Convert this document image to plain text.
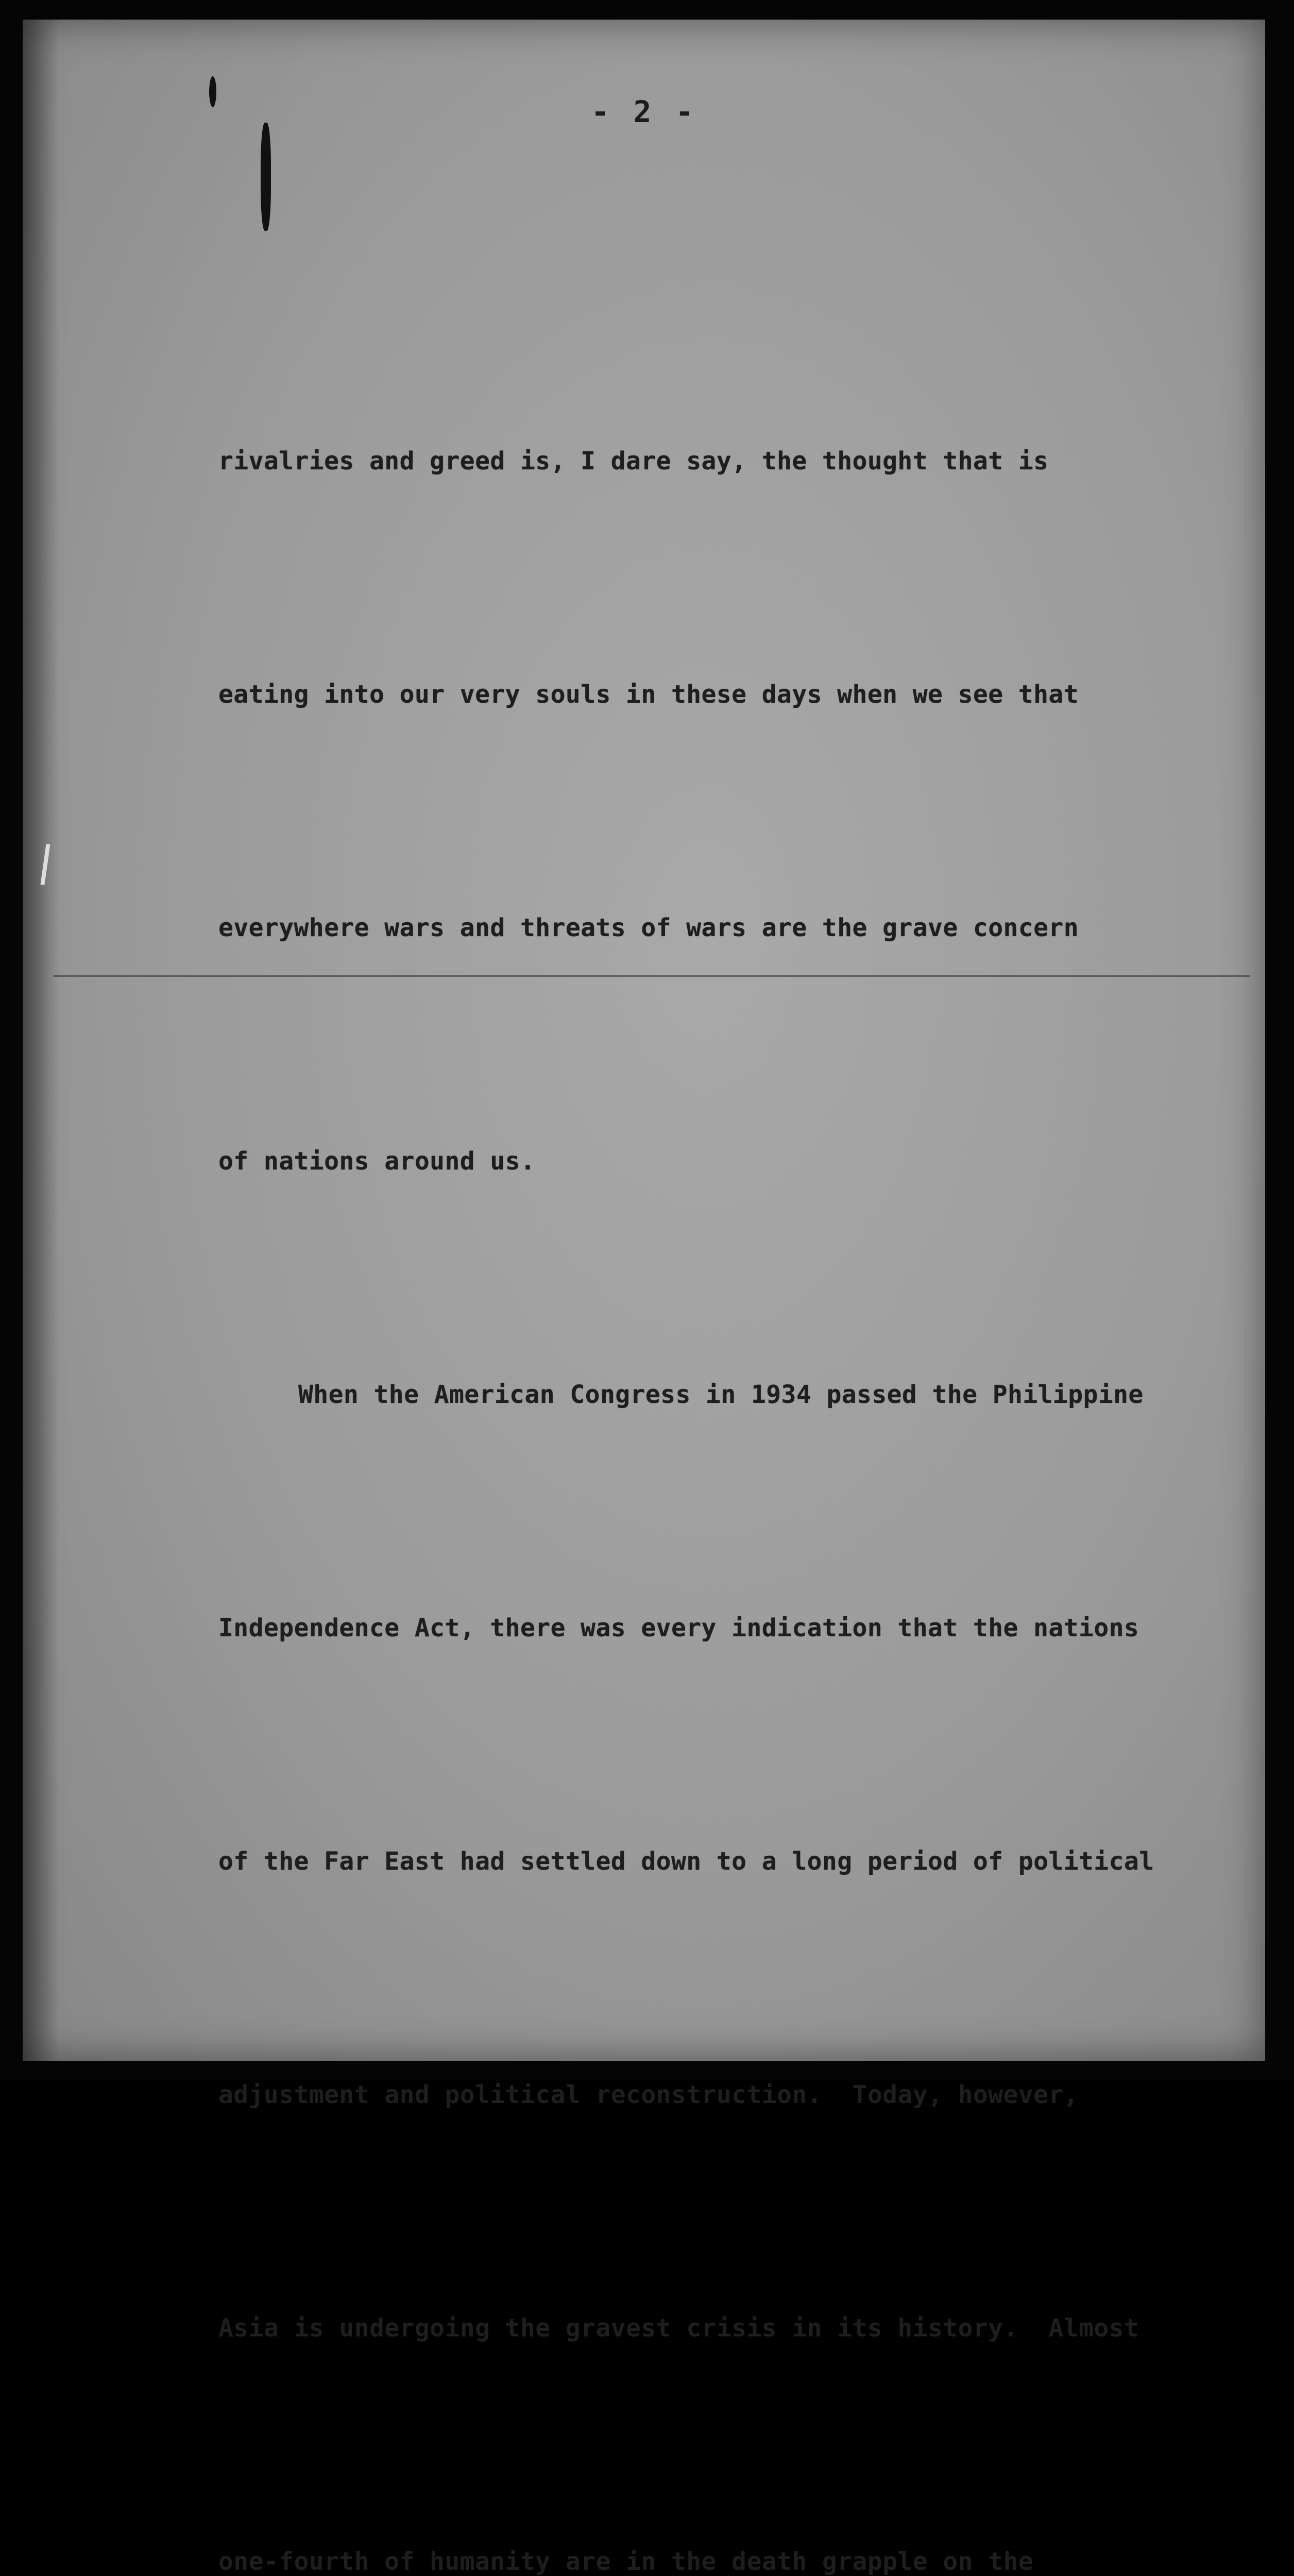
- 2 -

rivalries and greed is, I dare say, the thought that is

eating into our very souls in these days when we see that

everywhere wars and threats of wars are the grave concern

of nations around us.

When the American Congress in 1934 passed the Philippine

Independence Act, there was every indication that the nations

of the Far East had settled down to a long period of political

adjustment and political reconstruction.  Today, however,

Asia is undergoing the gravest crisis in its history.  Almost

one-fourth of humanity are in the death grapple on the
